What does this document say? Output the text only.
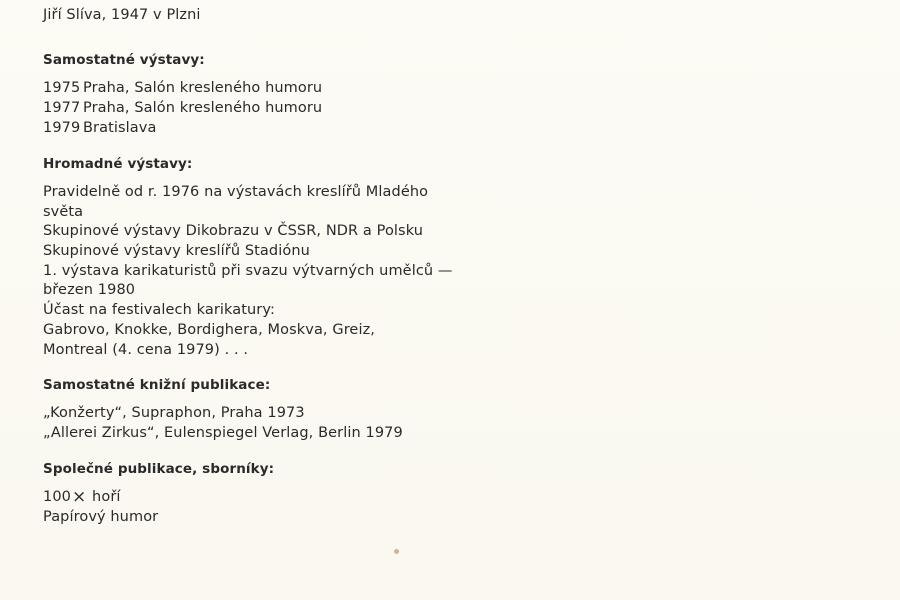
Jiří Slíva, 1947 v Plzni
Samostatné výstavy:
1975 Praha, Salón kresleného humoru
1977 Praha, Salón kresleného humoru
1979 Bratislava
Hromadné výstavy:
Pravidelně od r. 1976 na výstavách kreslířů Mladého
světa
Skupinové výstavy Dikobrazu v ČSSR, NDR a Polsku
Skupinové výstavy kreslířů Stadiónu
1. výstava karikaturistů při svazu výtvarných umělců —
březen 1980
Účast na festivalech karikatury:
Gabrovo, Knokke, Bordighera, Moskva, Greiz,
Montreal (4. cena 1979) . . .
Samostatné knižní publikace:
„Konžerty“, Supraphon, Praha 1973
„Allerei Zirkus“, Eulenspiegel Verlag, Berlin 1979
Společné publikace, sborníky:
100× hoří
Papírový humor
